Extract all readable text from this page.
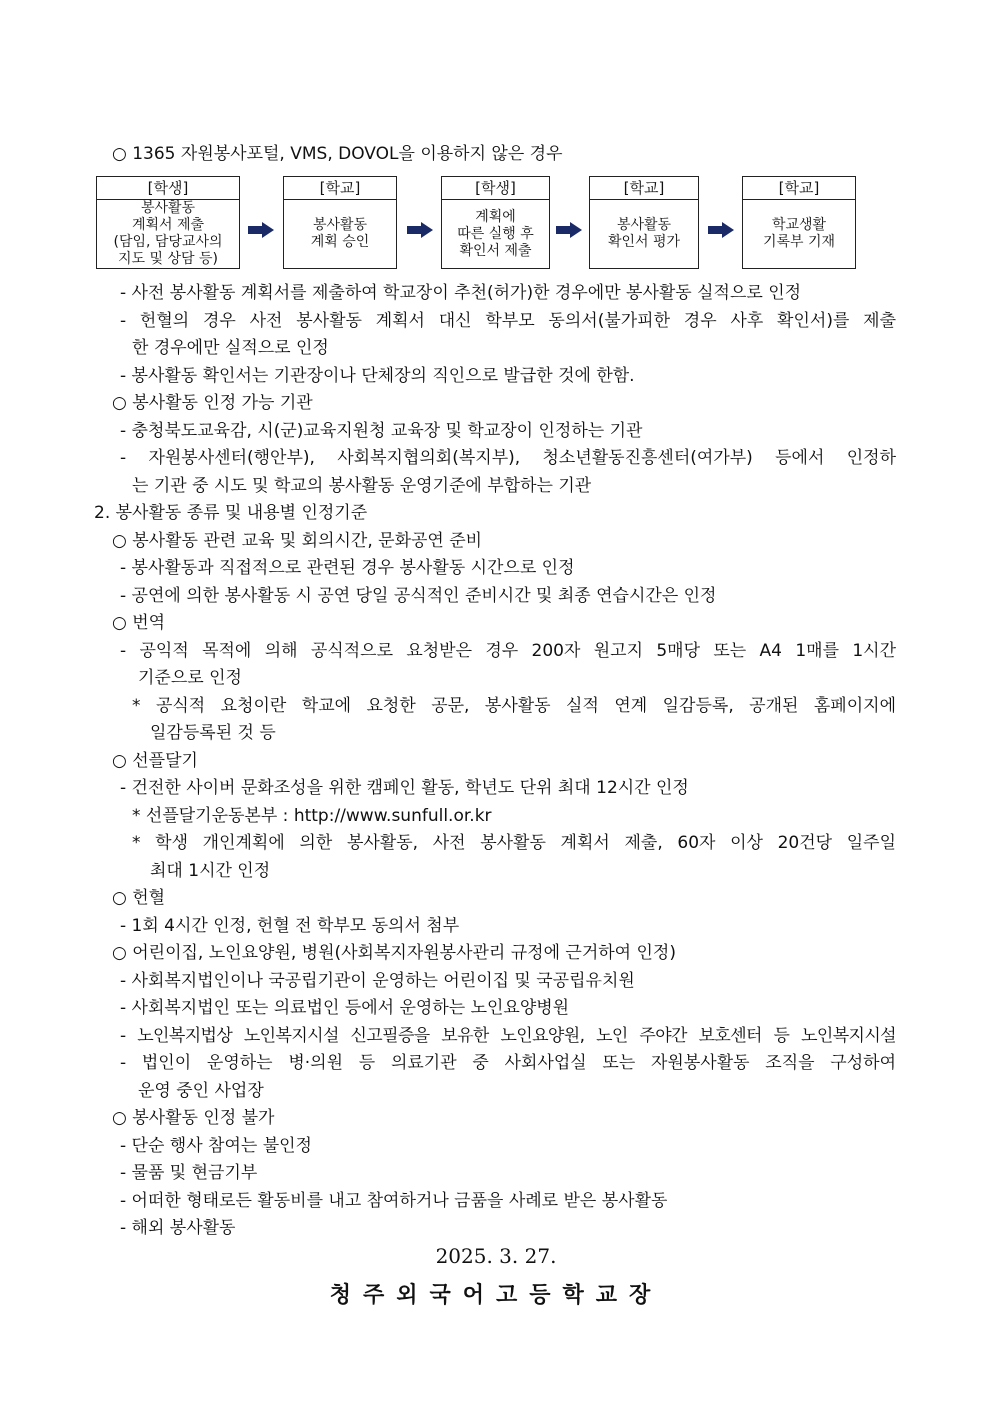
○ 1365 자원봉사포털, VMS, DOVOL을 이용하지 않은 경우
[학생]
봉사활동
계획서 제출
(담임, 담당교사의
지도 및 상담 등)
[학교]
봉사활동
계획 승인
[학생]
계획에
따른 실행 후
확인서 제출
[학교]
봉사활동
확인서 평가
[학교]
학교생활
기록부 기재
- 사전 봉사활동 계획서를 제출하여 학교장이 추천(허가)한 경우에만 봉사활동 실적으로 인정
- 헌혈의 경우 사전 봉사활동 계획서 대신 학부모 동의서(불가피한 경우 사후 확인서)를 제출
한 경우에만 실적으로 인정
- 봉사활동 확인서는 기관장이나 단체장의 직인으로 발급한 것에 한함.
○ 봉사활동 인정 가능 기관
- 충청북도교육감, 시(군)교육지원청 교육장 및 학교장이 인정하는 기관
- 자원봉사센터(행안부), 사회복지협의회(복지부), 청소년활동진흥센터(여가부) 등에서 인정하
는 기관 중 시도 및 학교의 봉사활동 운영기준에 부합하는 기관
2. 봉사활동 종류 및 내용별 인정기준
○ 봉사활동 관련 교육 및 회의시간, 문화공연 준비
- 봉사활동과 직접적으로 관련된 경우 봉사활동 시간으로 인정
- 공연에 의한 봉사활동 시 공연 당일 공식적인 준비시간 및 최종 연습시간은 인정
○ 번역
- 공익적 목적에 의해 공식적으로 요청받은 경우 200자 원고지 5매당 또는 A4 1매를 1시간
기준으로 인정
* 공식적 요청이란 학교에 요청한 공문, 봉사활동 실적 연계 일감등록, 공개된 홈페이지에
일감등록된 것 등
○ 선플달기
- 건전한 사이버 문화조성을 위한 캠페인 활동, 학년도 단위 최대 12시간 인정
* 선플달기운동본부 : http://www.sunfull.or.kr
* 학생 개인계획에 의한 봉사활동, 사전 봉사활동 계획서 제출, 60자 이상 20건당 일주일
최대 1시간 인정
○ 헌혈
- 1회 4시간 인정, 헌혈 전 학부모 동의서 첨부
○ 어린이집, 노인요양원, 병원(사회복지자원봉사관리 규정에 근거하여 인정)
- 사회복지법인이나 국공립기관이 운영하는 어린이집 및 국공립유치원
- 사회복지법인 또는 의료법인 등에서 운영하는 노인요양병원
- 노인복지법상 노인복지시설 신고필증을 보유한 노인요양원, 노인 주야간 보호센터 등 노인복지시설
- 법인이 운영하는 병·의원 등 의료기관 중 사회사업실 또는 자원봉사활동 조직을 구성하여
운영 중인 사업장
○ 봉사활동 인정 불가
- 단순 행사 참여는 불인정
- 물품 및 현금기부
- 어떠한 형태로든 활동비를 내고 참여하거나 금품을 사례로 받은 봉사활동
- 해외 봉사활동
2025. 3. 27.
청주외국어고등학교장
